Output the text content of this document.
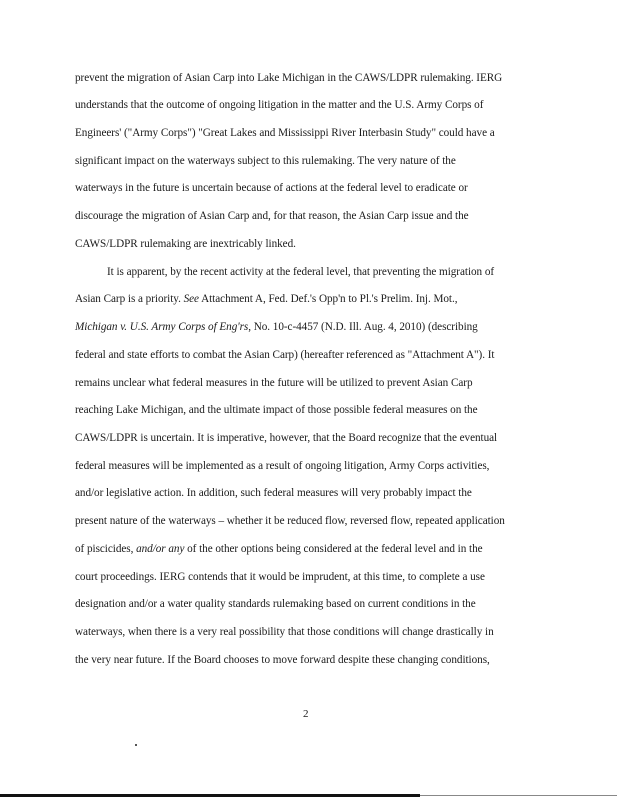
prevent the migration of Asian Carp into Lake Michigan in the CAWS/LDPR rulemaking. IERG
understands that the outcome of ongoing litigation in the matter and the U.S. Army Corps of
Engineers' ("Army Corps") "Great Lakes and Mississippi River Interbasin Study" could have a
significant impact on the waterways subject to this rulemaking. The very nature of the
waterways in the future is uncertain because of actions at the federal level to eradicate or
discourage the migration of Asian Carp and, for that reason, the Asian Carp issue and the
CAWS/LDPR rulemaking are inextricably linked.
It is apparent, by the recent activity at the federal level, that preventing the migration of
Asian Carp is a priority. See Attachment A, Fed. Def.'s Opp'n to Pl.'s Prelim. Inj. Mot.,
Michigan v. U.S. Army Corps of Eng'rs, No. 10-c-4457 (N.D. Ill. Aug. 4, 2010) (describing
federal and state efforts to combat the Asian Carp) (hereafter referenced as "Attachment A"). It
remains unclear what federal measures in the future will be utilized to prevent Asian Carp
reaching Lake Michigan, and the ultimate impact of those possible federal measures on the
CAWS/LDPR is uncertain. It is imperative, however, that the Board recognize that the eventual
federal measures will be implemented as a result of ongoing litigation, Army Corps activities,
and/or legislative action. In addition, such federal measures will very probably impact the
present nature of the waterways – whether it be reduced flow, reversed flow, repeated application
of piscicides, and/or any of the other options being considered at the federal level and in the
court proceedings. IERG contends that it would be imprudent, at this time, to complete a use
designation and/or a water quality standards rulemaking based on current conditions in the
waterways, when there is a very real possibility that those conditions will change drastically in
the very near future. If the Board chooses to move forward despite these changing conditions,
2
